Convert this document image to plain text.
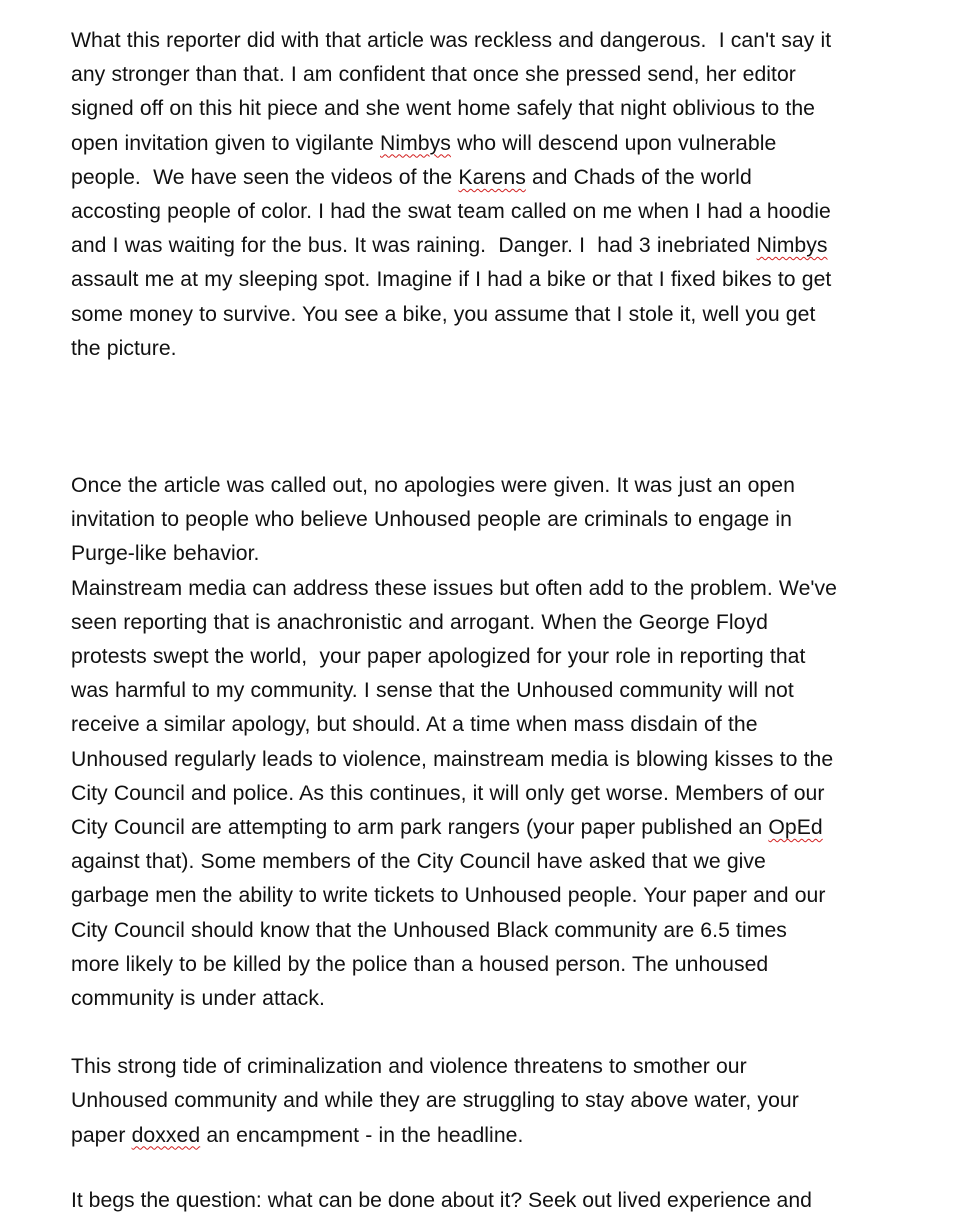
What this reporter did with that article was reckless and dangerous.  I can't say it
any stronger than that. I am confident that once she pressed send, her editor
signed off on this hit piece and she went home safely that night oblivious to the
open invitation given to vigilante Nimbys who will descend upon vulnerable
people.  We have seen the videos of the Karens and Chads of the world
accosting people of color. I had the swat team called on me when I had a hoodie
and I was waiting for the bus. It was raining.  Danger. I  had 3 inebriated Nimbys
assault me at my sleeping spot. Imagine if I had a bike or that I fixed bikes to get
some money to survive. You see a bike, you assume that I stole it, well you get
the picture.
Once the article was called out, no apologies were given. It was just an open
invitation to people who believe Unhoused people are criminals to engage in
Purge-like behavior.
Mainstream media can address these issues but often add to the problem. We've
seen reporting that is anachronistic and arrogant. When the George Floyd
protests swept the world,  your paper apologized for your role in reporting that
was harmful to my community. I sense that the Unhoused community will not
receive a similar apology, but should. At a time when mass disdain of the
Unhoused regularly leads to violence, mainstream media is blowing kisses to the
City Council and police. As this continues, it will only get worse. Members of our
City Council are attempting to arm park rangers (your paper published an OpEd
against that). Some members of the City Council have asked that we give
garbage men the ability to write tickets to Unhoused people. Your paper and our
City Council should know that the Unhoused Black community are 6.5 times
more likely to be killed by the police than a housed person. The unhoused
community is under attack.
This strong tide of criminalization and violence threatens to smother our
Unhoused community and while they are struggling to stay above water, your
paper doxxed an encampment - in the headline.
It begs the question: what can be done about it? Seek out lived experience and
